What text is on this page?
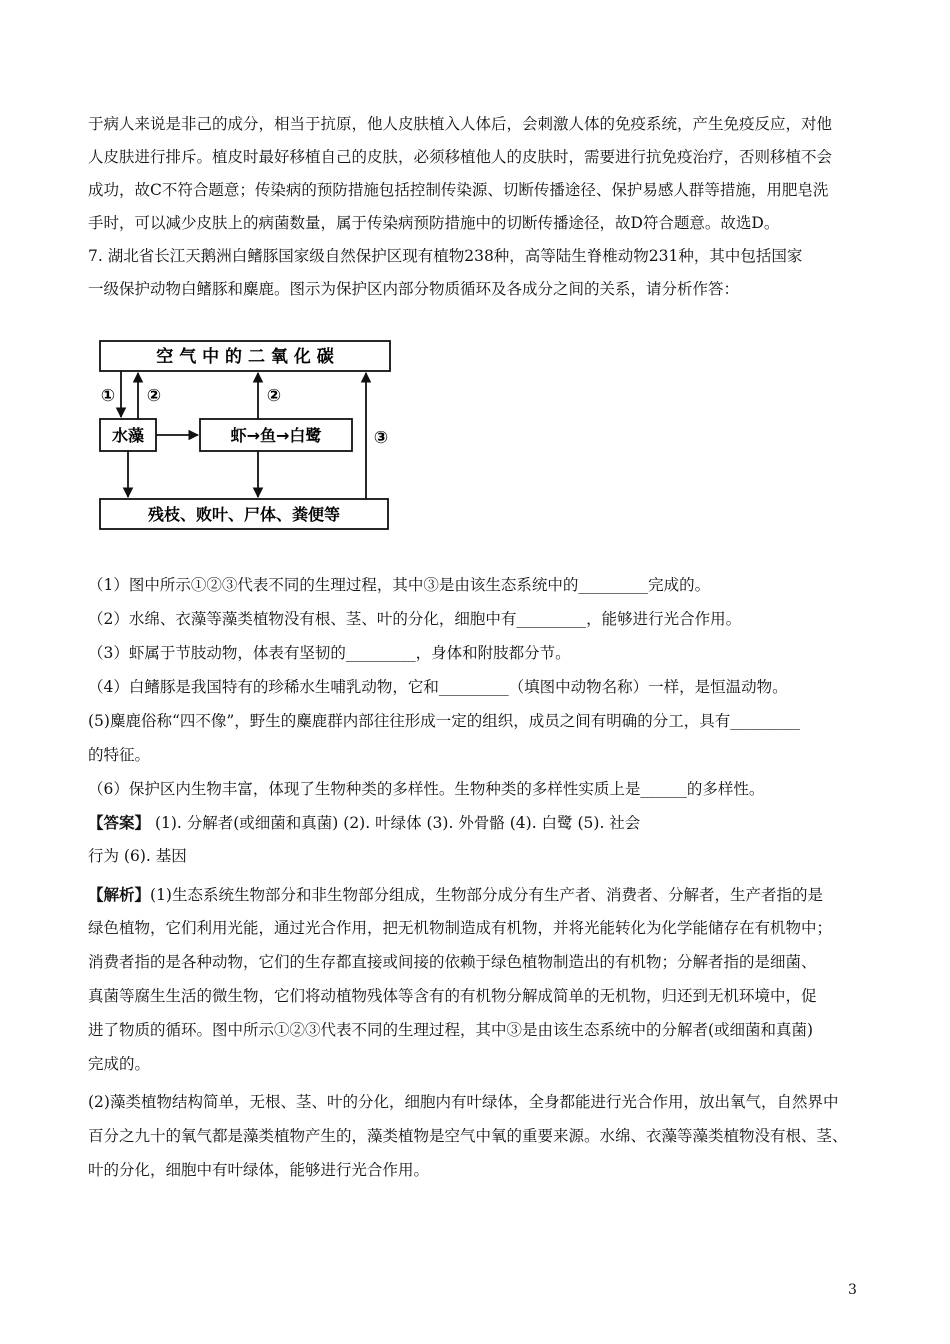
于病人来说是非己的成分，相当于抗原，他人皮肤植入人体后，会刺激人体的免疫系统，产生免疫反应，对他

人皮肤进行排斥。植皮时最好移植自己的皮肤，必须移植他人的皮肤时，需要进行抗免疫治疗，否则移植不会

成功，故C不符合题意；传染病的预防措施包括控制传染源、切断传播途径、保护易感人群等措施，用肥皂洗

手时，可以减少皮肤上的病菌数量，属于传染病预防措施中的切断传播途径，故D符合题意。故选D。

7. 湖北省长江天鹅洲白鳍豚国家级自然保护区现有植物238种，高等陆生脊椎动物231种，其中包括国家

一级保护动物白鳍豚和麋鹿。图示为保护区内部分物质循环及各成分之间的关系，请分析作答：

空 气 中 的 二 氧 化 碳
水藻	虾→鱼→白鹭
残枝、败叶、尸体、粪便等
① ②	②
③

（1）图中所示①②③代表不同的生理过程，其中③是由该生态系统中的_________完成的。

（2）水绵、衣藻等藻类植物没有根、茎、叶的分化，细胞中有_________，能够进行光合作用。

（3）虾属于节肢动物，体表有坚韧的_________，身体和附肢都分节。

（4）白鳍豚是我国特有的珍稀水生哺乳动物，它和_________（填图中动物名称）一样，是恒温动物。

(5)麋鹿俗称“四不像”，野生的麋鹿群内部往往形成一定的组织，成员之间有明确的分工，具有_________

的特征。

（6）保护区内生物丰富，体现了生物种类的多样性。生物种类的多样性实质上是______的多样性。

【答案】 (1). 分解者(或细菌和真菌) (2). 叶绿体 (3). 外骨骼 (4). 白鹭 (5). 社会

行为 (6). 基因

【解析】(1)生态系统生物部分和非生物部分组成，生物部分成分有生产者、消费者、分解者，生产者指的是

绿色植物，它们利用光能，通过光合作用，把无机物制造成有机物，并将光能转化为化学能储存在有机物中；

消费者指的是各种动物，它们的生存都直接或间接的依赖于绿色植物制造出的有机物；分解者指的是细菌、

真菌等腐生生活的微生物，它们将动植物残体等含有的有机物分解成简单的无机物，归还到无机环境中，促

进了物质的循环。图中所示①②③代表不同的生理过程，其中③是由该生态系统中的分解者(或细菌和真菌)

完成的。

(2)藻类植物结构简单，无根、茎、叶的分化，细胞内有叶绿体，全身都能进行光合作用，放出氧气，自然界中

百分之九十的氧气都是藻类植物产生的，藻类植物是空气中氧的重要来源。水绵、衣藻等藻类植物没有根、茎、

叶的分化，细胞中有叶绿体，能够进行光合作用。

3
